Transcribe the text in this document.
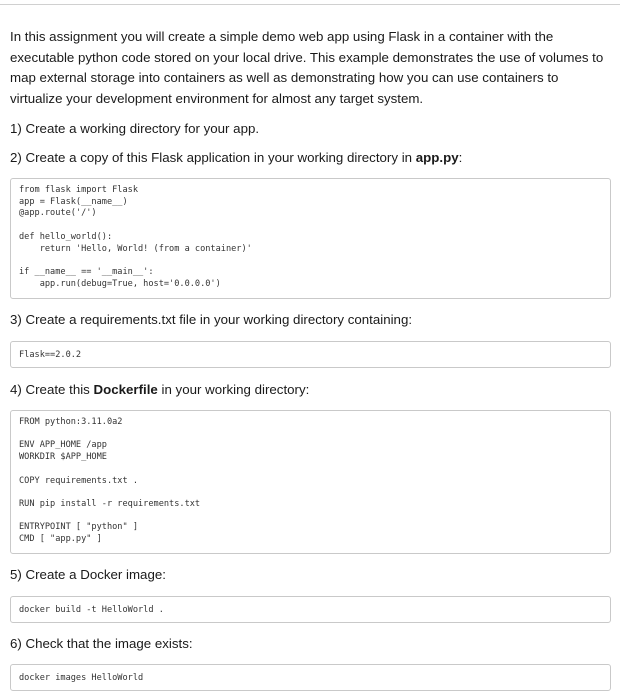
In this assignment you will create a simple demo web app using Flask in a container with the executable python code stored on your local drive. This example demonstrates the use of volumes to map external storage into containers as well as demonstrating how you can use containers to virtualize your development environment for almost any target system.

1) Create a working directory for your app.

2) Create a copy of this Flask application in your working directory in app.py:

from flask import Flask
app = Flask(__name__)
@app.route('/')
def hello_world():
return 'Hello, World! (from a container)'
if __name__ == '__main__':
app.run(debug=True, host='0.0.0.0')

3) Create a requirements.txt file in your working directory containing:

Flask==2.0.2

4) Create this Dockerfile in your working directory:

FROM python:3.11.0a2
ENV APP_HOME /app
WORKDIR $APP_HOME
COPY requirements.txt .
RUN pip install -r requirements.txt
ENTRYPOINT [ "python" ]
CMD [ "app.py" ]

5) Create a Docker image:

docker build -t HelloWorld .

6) Check that the image exists:

docker images HelloWorld
